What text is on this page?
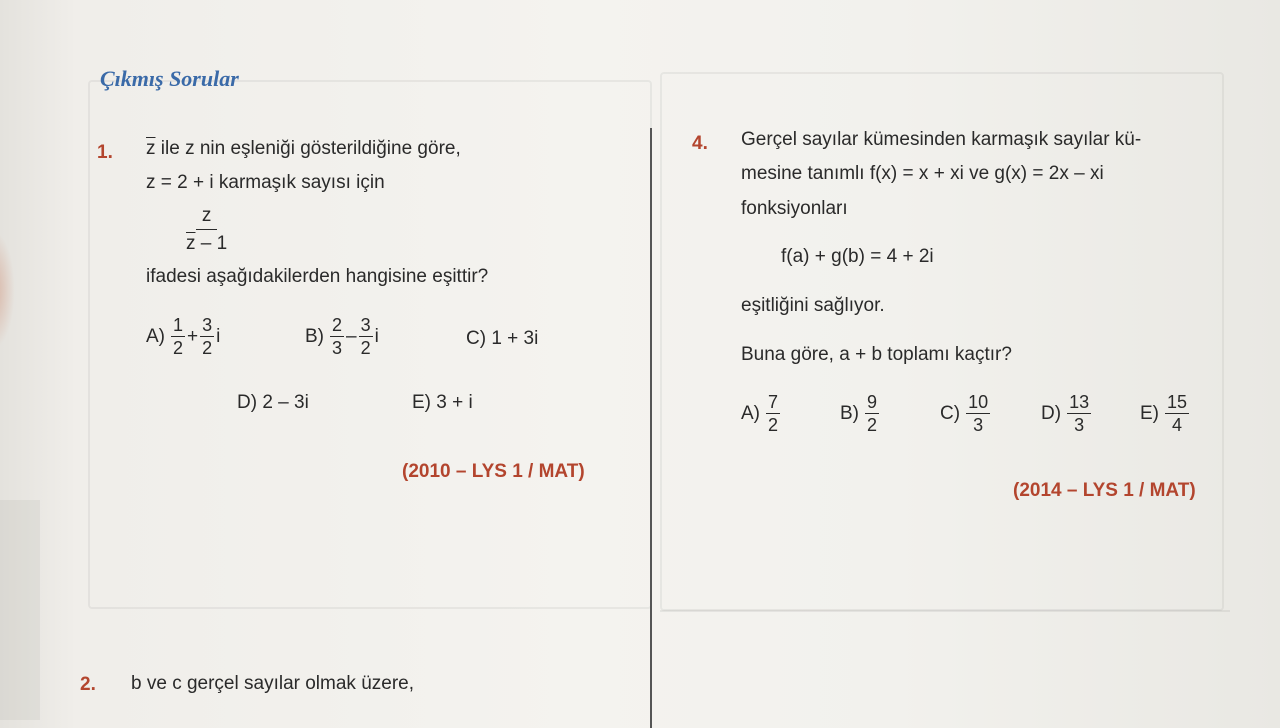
Çıkmış Sorular
1. $\overline{z}$ ile z nin eşleniği gösterildiğine göre,
z = 2 + i karmaşık sayısı için
$\frac{z}{\overline{z} - 1}$
ifadesi aşağıdakilerden hangisine eşittir?
$A) \frac{1}{2} + \frac{3}{2}$ i	$B) \frac{2}{3} - \frac{3}{2}$ i	C) 1 + 3i
D) 2 – 3i	E) 3 + i
(2010 – LYS 1 / MAT)
2. b ve c gerçel sayılar olmak üzere,
4. Gerçel sayılar kümesinden karmaşık sayılar kü-
mesine tanımlı f(x) = x + xi ve g(x) = 2x – xi
fonksiyonları
f(a) + g(b) = 4 + 2i
eşitliğini sağlıyor.
Buna göre, a + b toplamı kaçtır?
$A) \frac{7}{2}$	$B) \frac{9}{2}$	$C) \frac{10}{3}$	$D) \frac{13}{3}$	$E) \frac{15}{4}$
(2014 – LYS 1 / MAT)
